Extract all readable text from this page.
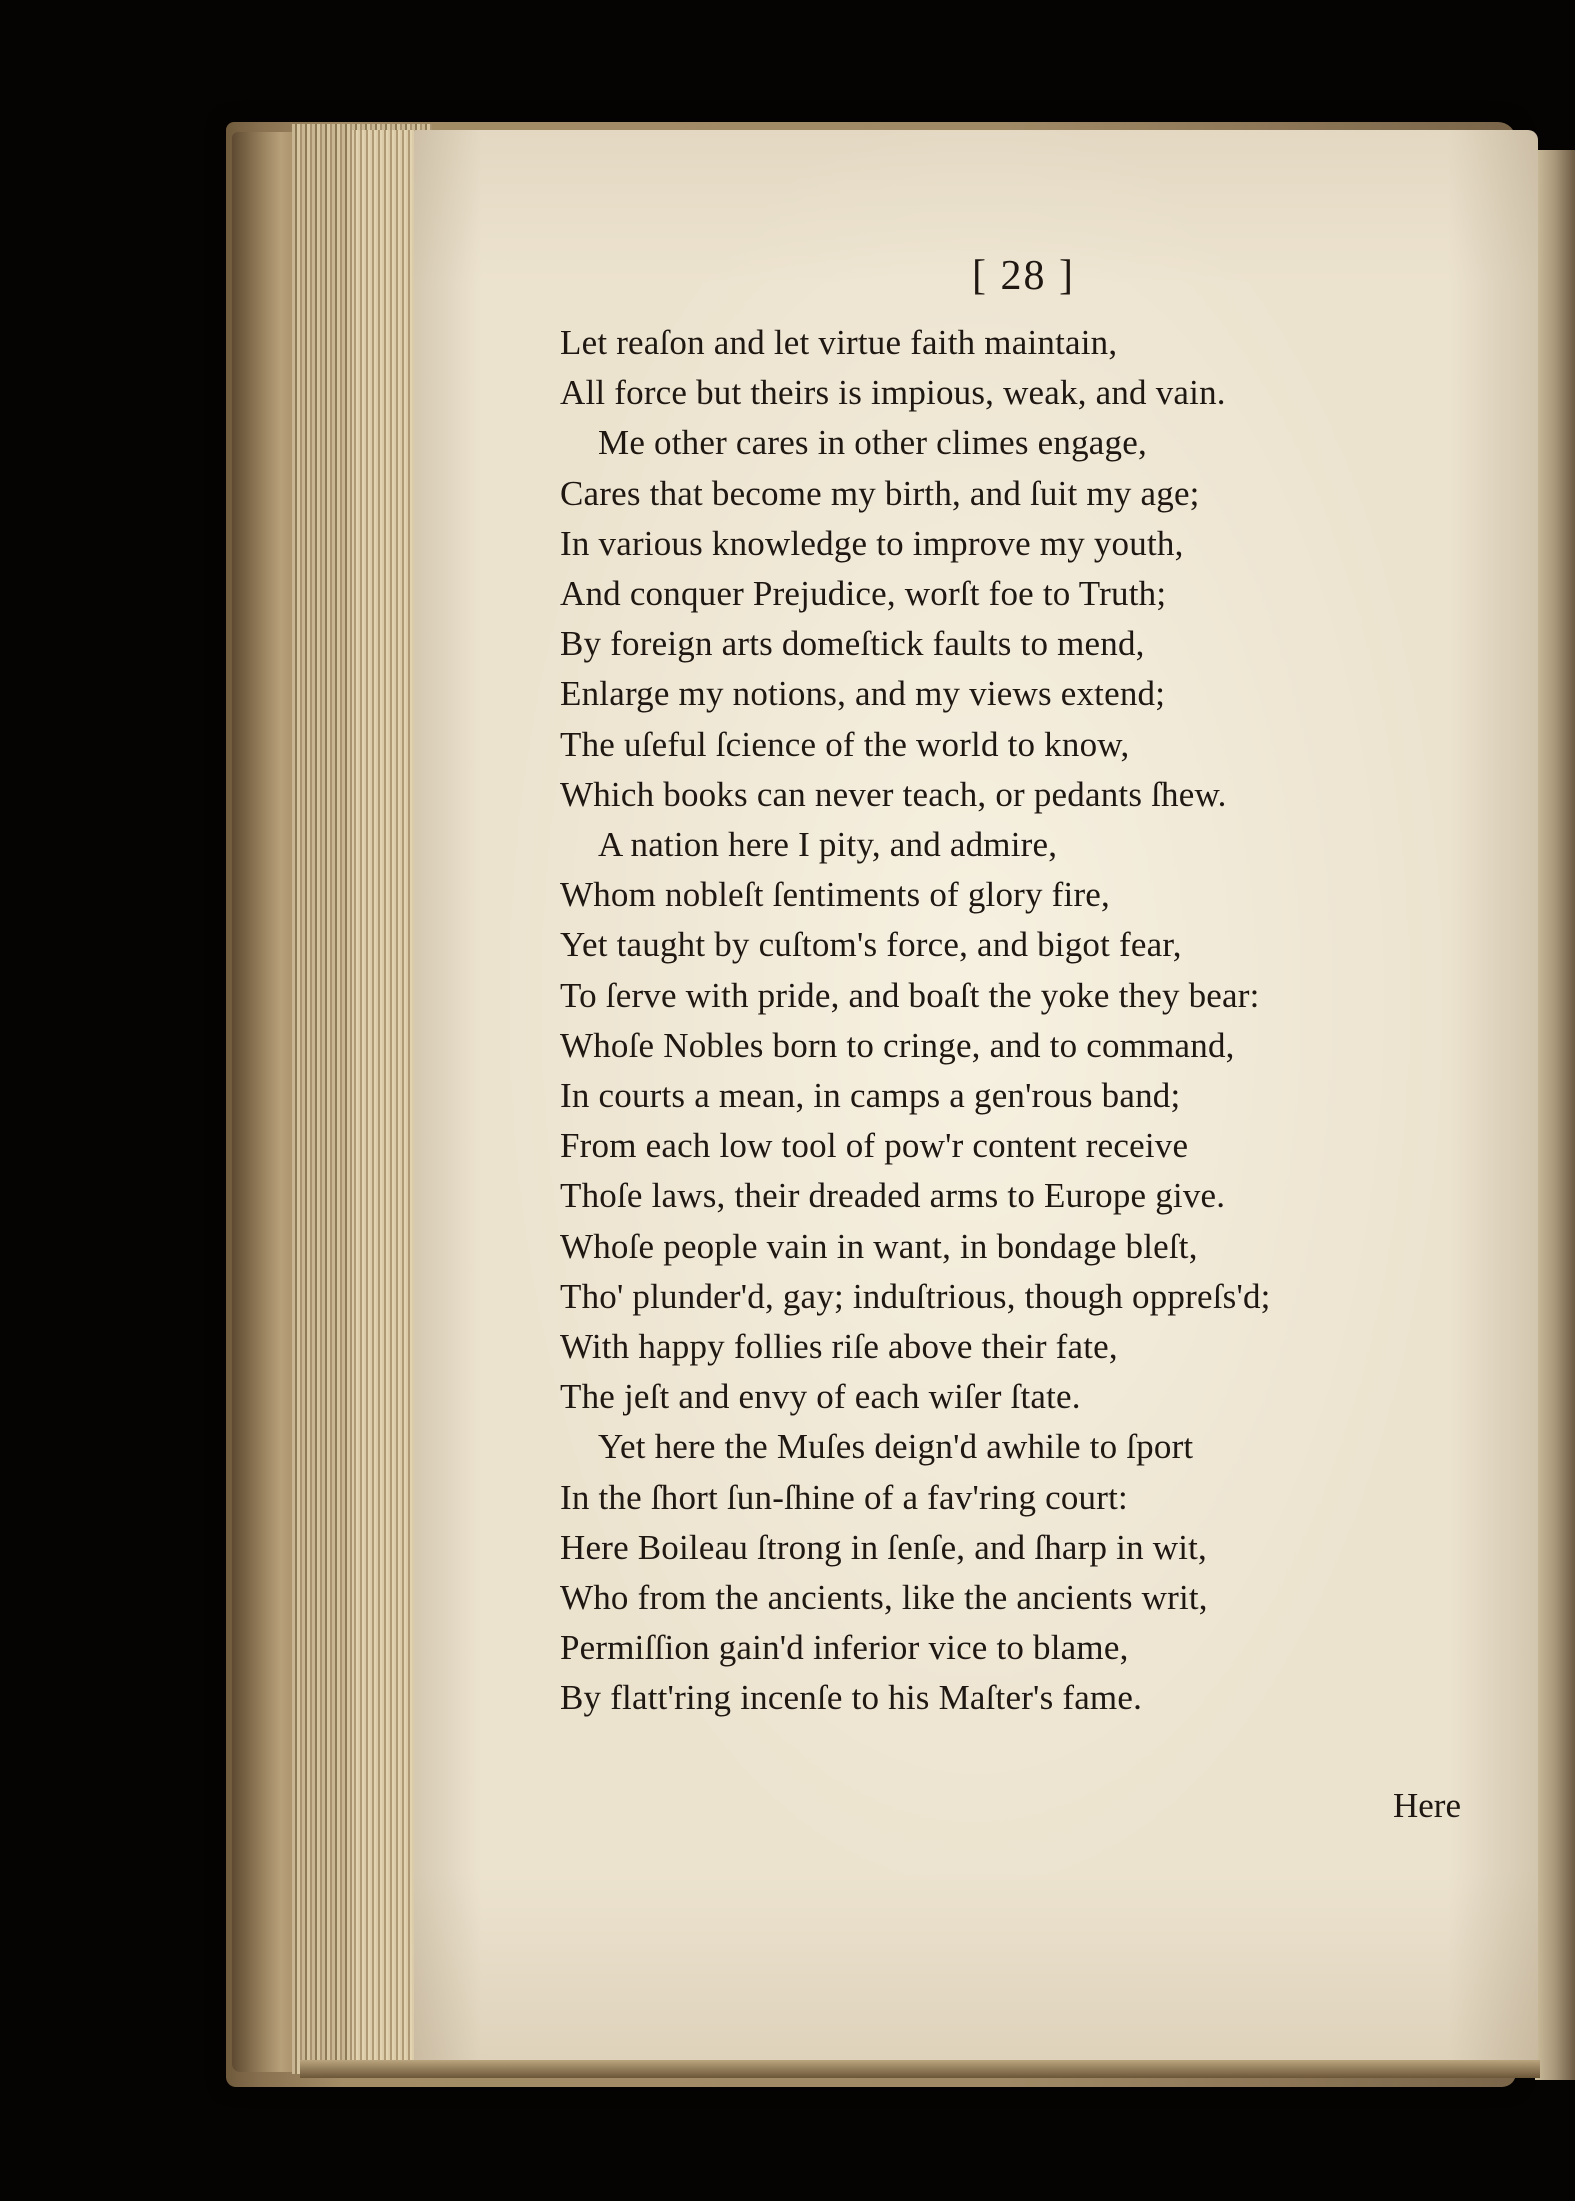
[ 28 ]
Let reaſon and let virtue faith maintain,
All force but theirs is impious, weak, and vain.
Me other cares in other climes engage,
Cares that become my birth, and ſuit my age;
In various knowledge to improve my youth,
And conquer Prejudice, worſt foe to Truth;
By foreign arts domeſtick faults to mend,
Enlarge my notions, and my views extend;
The uſeful ſcience of the world to know,
Which books can never teach, or pedants ſhew.
A nation here I pity, and admire,
Whom nobleſt ſentiments of glory fire,
Yet taught by cuſtom's force, and bigot fear,
To ſerve with pride, and boaſt the yoke they bear:
Whoſe Nobles born to cringe, and to command,
In courts a mean, in camps a gen'rous band;
From each low tool of pow'r content receive
Thoſe laws, their dreaded arms to Europe give.
Whoſe people vain in want, in bondage bleſt,
Tho' plunder'd, gay; induſtrious, though oppreſs'd;
With happy follies riſe above their fate,
The jeſt and envy of each wiſer ſtate.
Yet here the Muſes deign'd awhile to ſport
In the ſhort ſun-ſhine of a fav'ring court:
Here Boileau ſtrong in ſenſe, and ſharp in wit,
Who from the ancients, like the ancients writ,
Permiſſion gain'd inferior vice to blame,
By flatt'ring incenſe to his Maſter's fame.
Here
